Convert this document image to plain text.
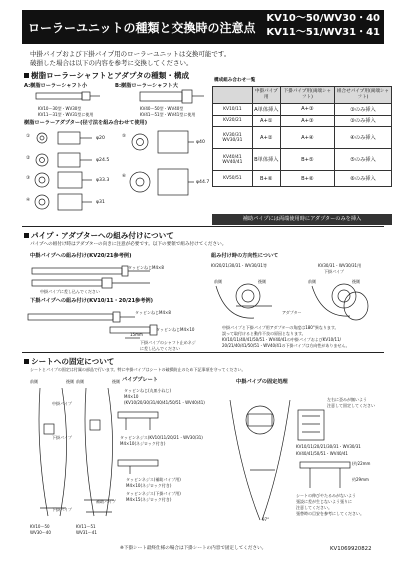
ローラーユニットの種類と交換時の注意点
KV10～50/WV30・40
KV11～51/WV31・41
中掛パイプおよび下掛パイプ用のローラーユニットは交換可能です。
破損した場合は以下の内容を参考に交換してください。
樹脂ローラーシャフトとアダプタの種類・構成
A:樹脂ローラーシャフト小	B:樹脂ローラーシャフト大
KV10～30型・WV30型
KV11～31型・WV31型に使用
KV40～50型・WV40型
KV41～51型・WV41型に使用
樹脂ローラーアダプター(径寸法を組み合わせて使用)
①
②
③
④
⑤
⑥
φ20
φ24.5
φ33.3
φ31
φ40
φ44.7
構成組み合わせ一覧
	中掛パイプ用	下掛パイプ用(両端シャフト)	組合せパイプ用(両端シャフト)
KV10/11	A単体挿入	A+③	③のみ挿入
KV20/21	A+①	A+③	③のみ挿入
KV30/31 WV30/31	A+②	A+④	④のみ挿入
KV40/41 WV40/41	B単体挿入	B+⑤	⑤のみ挿入
KV50/51	B+⑥	B+⑥	⑥のみ挿入
補助パイプには両端使用時にアダプターのみを挿入
パイプ・アダプターへの組み付けについて
パイプへの組付け時はアダプターの向きに注意が必要です。以下の要領で組み付けてください。
中掛パイプへの組み付け(KV20/21参考例)
タッピンねじM4×8
中掛パイプに差し込んでください
下掛パイプへの組み付け(KV10/11・20/21参考例)
タッピンねじM4×8
タッピンねじM4×10
15mm
下掛パイプのシャフト止めネジ
に差し込んでください
組み付け時の方向性について
KV20/21/30/31・WV30/31等	KV30/31・WV30/31用
下掛パイプ
前側	後側	前側	後側
アダプター
中掛パイプと下掛パイプ用アダプターの角度は180°異なります。
誤って取付けると動作不良の原因となります。
KV10/11/40/41/50/51・WV40/41の中掛パイプおよびKV10/11/
20/21/40/41/50/51・WV40/41の下掛パイプは方向性がありません。
シートへの固定について
シートとパイプの固定は付属の部品で行います。特に中掛パイプはシートの破損防止のため下記事項を守ってください。
前側	後側 前側	後側
中掛パイプ
下掛パイプ
補助パイプ
下掛パイプ
KV10～50
WV30～40
KV11～51
WV31～41
パイププレート
タッピンねじ(丸皿小ねじ)
M4×10
(KV10/20/30/31/40/41/50/51・WV40/41)
タッピンネジス(KV10/11/20/21・WV30/31)
M4×10(ネジロック付き)
タッピンネジス(補助パイプ用)
M4×10(ネジロック付き)
タッピンネジス(下掛パイプ用)
M4×15(ネジロック付き)
中掛パイプの固定処理
左右に歪みが無いよう
注意して固定してください
KV10/11/20/21/30/31・WV30/31
KV40/41/50/51・WV40/41
(約22mm
約29mm
97°
シートの伸びやたるみがないよう
張設に差が生じないよう張りに
注意してください。
張替時の目安を参考にしてください。
※下掛シート最終仕様の場合は下掛シートの内容で固定してください。	KV1069920822
